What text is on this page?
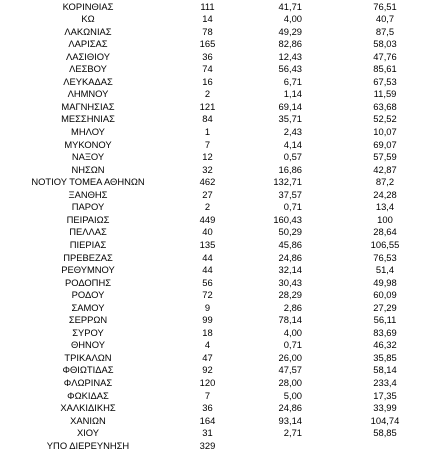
ΚΟΡΙΝΘΙΑΣ	111	41,71	76,51
ΚΩ	14	4,00	40,7
ΛΑΚΩΝΙΑΣ	78	49,29	87,5
ΛΑΡΙΣΑΣ	165	82,86	58,03
ΛΑΣΙΘΙΟΥ	36	12,43	47,76
ΛΕΣΒΟΥ	74	56,43	85,61
ΛΕΥΚΑΔΑΣ	16	6,71	67,53
ΛΗΜΝΟΥ	2	1,14	11,59
ΜΑΓΝΗΣΙΑΣ	121	69,14	63,68
ΜΕΣΣΗΝΙΑΣ	84	35,71	52,52
ΜΗΛΟΥ	1	2,43	10,07
ΜΥΚΟΝΟΥ	7	4,14	69,07
ΝΑΞΟΥ	12	0,57	57,59
ΝΗΣΩΝ	32	16,86	42,87
ΝΟΤΙΟΥ ΤΟΜΕΑ ΑΘΗΝΩΝ	462	132,71	87,2
ΞΑΝΘΗΣ	27	37,57	24,28
ΠΑΡΟΥ	2	0,71	13,4
ΠΕΙΡΑΙΩΣ	449	160,43	100
ΠΕΛΛΑΣ	40	50,29	28,64
ΠΙΕΡΙΑΣ	135	45,86	106,55
ΠΡΕΒΕΖΑΣ	44	24,86	76,53
ΡΕΘΥΜΝΟΥ	44	32,14	51,4
ΡΟΔΟΠΗΣ	56	30,43	49,98
ΡΟΔΟΥ	72	28,29	60,09
ΣΑΜΟΥ	9	2,86	27,29
ΣΕΡΡΩΝ	99	78,14	56,11
ΣΥΡΟΥ	18	4,00	83,69
ΘΗΝΟΥ	4	0,71	46,32
ΤΡΙΚΑΛΩΝ	47	26,00	35,85
ΦΘΙΩΤΙΔΑΣ	92	47,57	58,14
ΦΛΩΡΙΝΑΣ	120	28,00	233,4
ΦΩΚΙΔΑΣ	7	5,00	17,35
ΧΑΛΚΙΔΙΚΗΣ	36	24,86	33,99
ΧΑΝΙΩΝ	164	93,14	104,74
ΧΙΟΥ	31	2,71	58,85
ΥΠΟ ΔΙΕΡΕΥΝΗΣΗ	329
